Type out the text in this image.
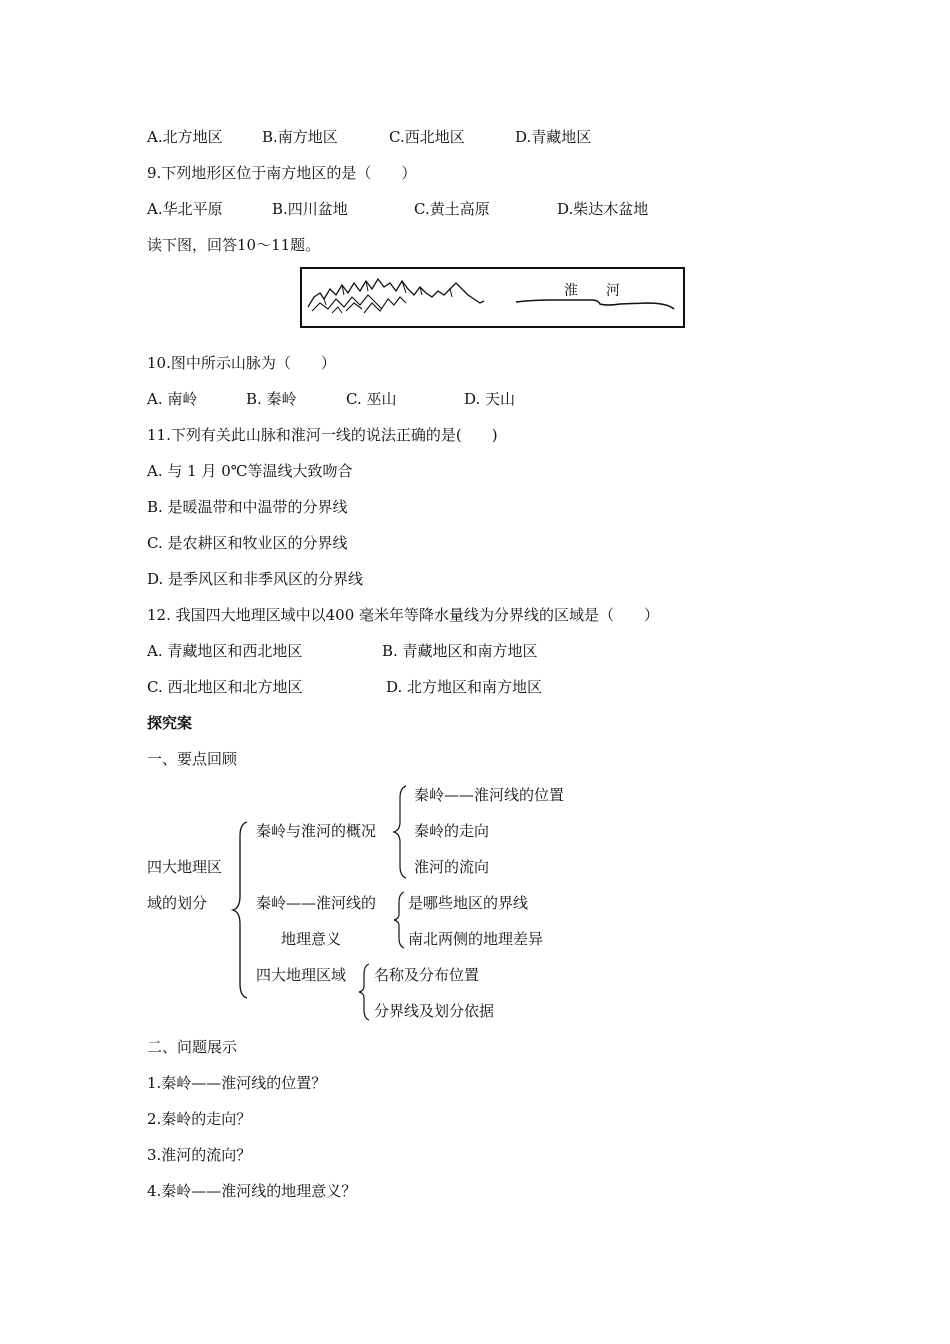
A.北方地区	B.南方地区	C.西北地区	D.青藏地区
9.下列地形区位于南方地区的是（　　）
A.华北平原	B.四川盆地	C.黄土高原	D.柴达木盆地
读下图，回答10～11题。
淮 河
10.图中所示山脉为（　　）
A. 南岭	B. 秦岭	C. 巫山	D. 天山
11.下列有关此山脉和淮河一线的说法正确的是(　　)
A. 与 1 月 0℃等温线大致吻合
B. 是暖温带和中温带的分界线
C. 是农耕区和牧业区的分界线
D. 是季风区和非季风区的分界线
12. 我国四大地理区域中以400 毫米年等降水量线为分界线的区域是（　　）
A. 青藏地区和西北地区	B. 青藏地区和南方地区
C. 西北地区和北方地区	D. 北方地区和南方地区
探究案
一、要点回顾
四大地理区
域的划分
秦岭与淮河的概况
秦岭——淮河线的位置
秦岭的走向
淮河的流向
秦岭——淮河线的
地理意义
是哪些地区的界线
南北两侧的地理差异
四大地理区域 名称及分布位置
分界线及划分依据
二、问题展示
1.秦岭——淮河线的位置？
2.秦岭的走向？
3.淮河的流向？
4.秦岭——淮河线的地理意义？
